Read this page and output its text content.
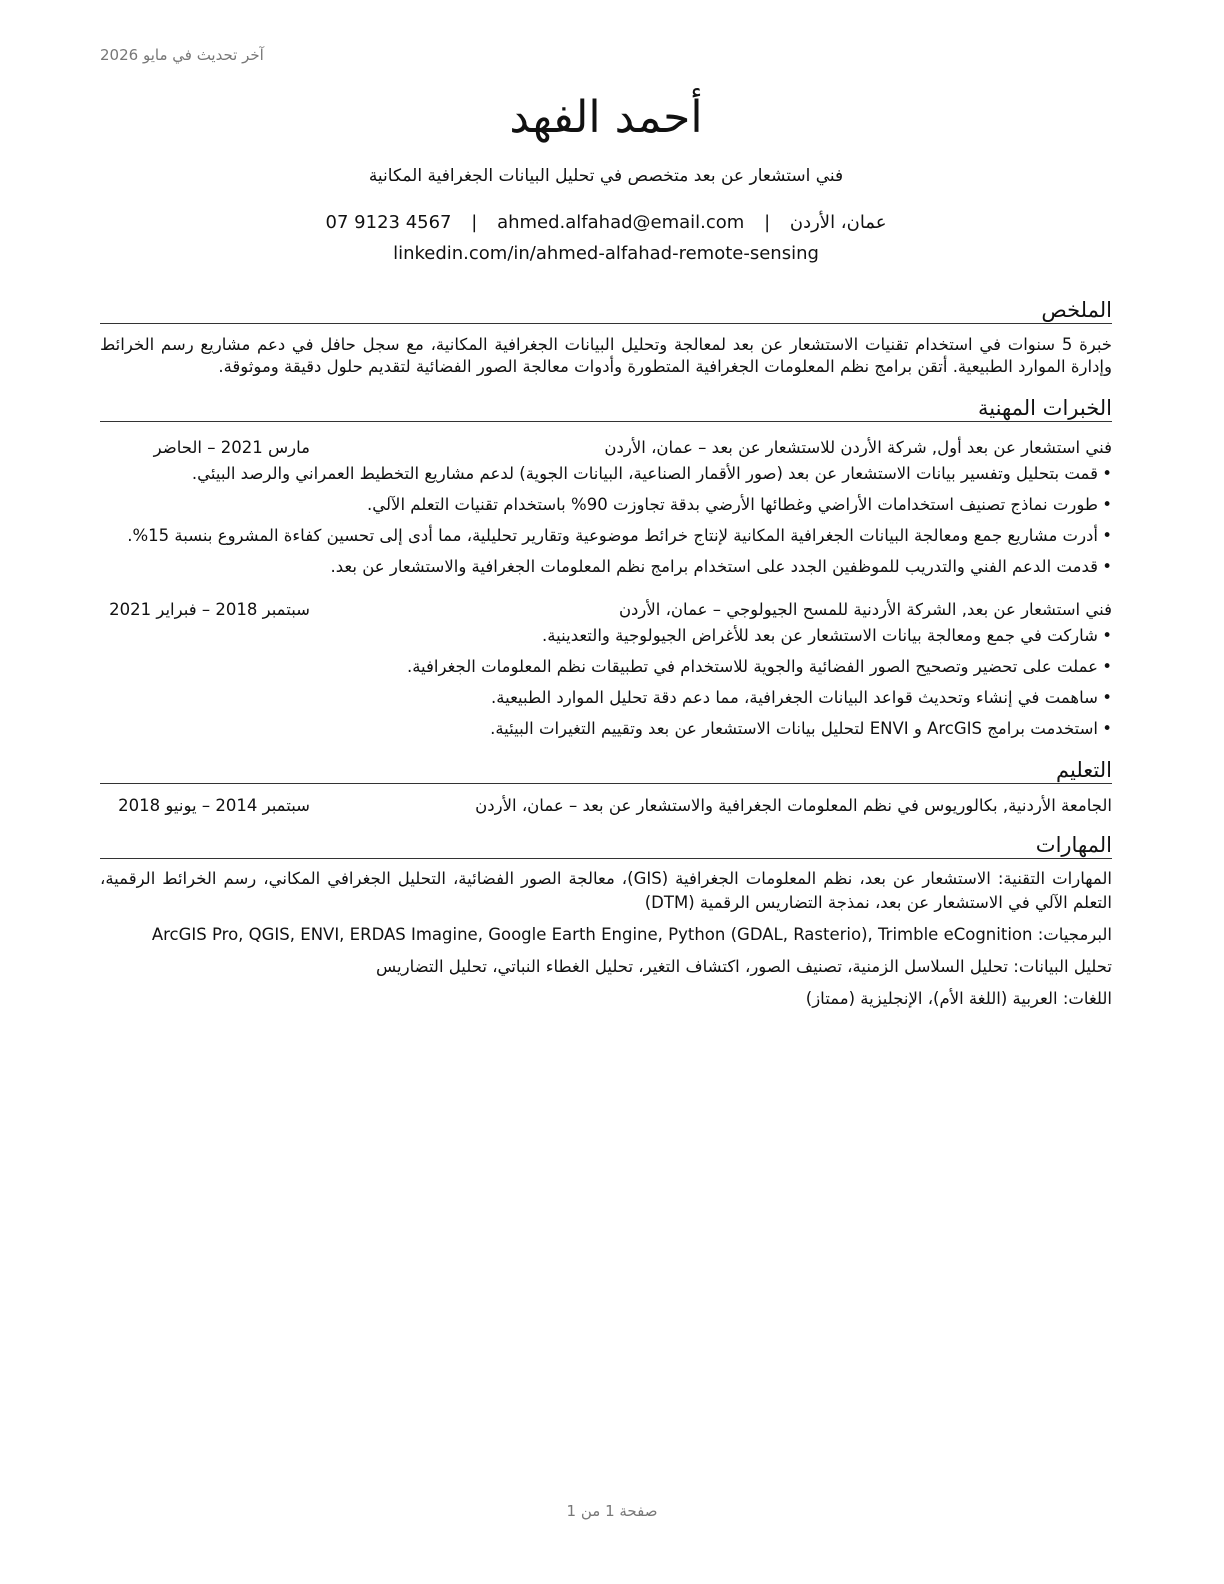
آخر تحديث في مايو 2026
أحمد الفهد
فني استشعار عن بعد متخصص في تحليل البيانات الجغرافية المكانية
عمان، الأردن | ahmed.alfahad@email.com | 07 9123 4567
linkedin.com/in/ahmed-alfahad-remote-sensing
الملخص
خبرة 5 سنوات في استخدام تقنيات الاستشعار عن بعد لمعالجة وتحليل البيانات الجغرافية المكانية، مع سجل حافل في دعم مشاريع رسم الخرائط وإدارة الموارد الطبيعية. أتقن برامج نظم المعلومات الجغرافية المتطورة وأدوات معالجة الصور الفضائية لتقديم حلول دقيقة وموثوقة.
الخبرات المهنية
فني استشعار عن بعد أول, شركة الأردن للاستشعار عن بعد – عمان، الأردن
مارس 2021 – الحاضر
• قمت بتحليل وتفسير بيانات الاستشعار عن بعد (صور الأقمار الصناعية، البيانات الجوية) لدعم مشاريع التخطيط العمراني والرصد البيئي.
• طورت نماذج تصنيف استخدامات الأراضي وغطائها الأرضي بدقة تجاوزت 90% باستخدام تقنيات التعلم الآلي.
• أدرت مشاريع جمع ومعالجة البيانات الجغرافية المكانية لإنتاج خرائط موضوعية وتقارير تحليلية، مما أدى إلى تحسين كفاءة المشروع بنسبة 15%.
• قدمت الدعم الفني والتدريب للموظفين الجدد على استخدام برامج نظم المعلومات الجغرافية والاستشعار عن بعد.
فني استشعار عن بعد, الشركة الأردنية للمسح الجيولوجي – عمان، الأردن
سبتمبر 2018 – فبراير 2021
• شاركت في جمع ومعالجة بيانات الاستشعار عن بعد للأغراض الجيولوجية والتعدينية.
• عملت على تحضير وتصحيح الصور الفضائية والجوية للاستخدام في تطبيقات نظم المعلومات الجغرافية.
• ساهمت في إنشاء وتحديث قواعد البيانات الجغرافية، مما دعم دقة تحليل الموارد الطبيعية.
• استخدمت برامج ArcGIS و ENVI لتحليل بيانات الاستشعار عن بعد وتقييم التغيرات البيئية.
التعليم
الجامعة الأردنية, بكالوريوس في نظم المعلومات الجغرافية والاستشعار عن بعد – عمان، الأردن
سبتمبر 2014 – يونيو 2018
المهارات
المهارات التقنية: الاستشعار عن بعد، نظم المعلومات الجغرافية (GIS)، معالجة الصور الفضائية، التحليل الجغرافي المكاني، رسم الخرائط الرقمية، التعلم الآلي في الاستشعار عن بعد، نمذجة التضاريس الرقمية (DTM)
البرمجيات: ArcGIS Pro, QGIS, ENVI, ERDAS Imagine, Google Earth Engine, Python (GDAL, Rasterio), Trimble eCognition
تحليل البيانات: تحليل السلاسل الزمنية، تصنيف الصور، اكتشاف التغير، تحليل الغطاء النباتي، تحليل التضاريس
اللغات: العربية (اللغة الأم)، الإنجليزية (ممتاز)
صفحة 1 من 1
